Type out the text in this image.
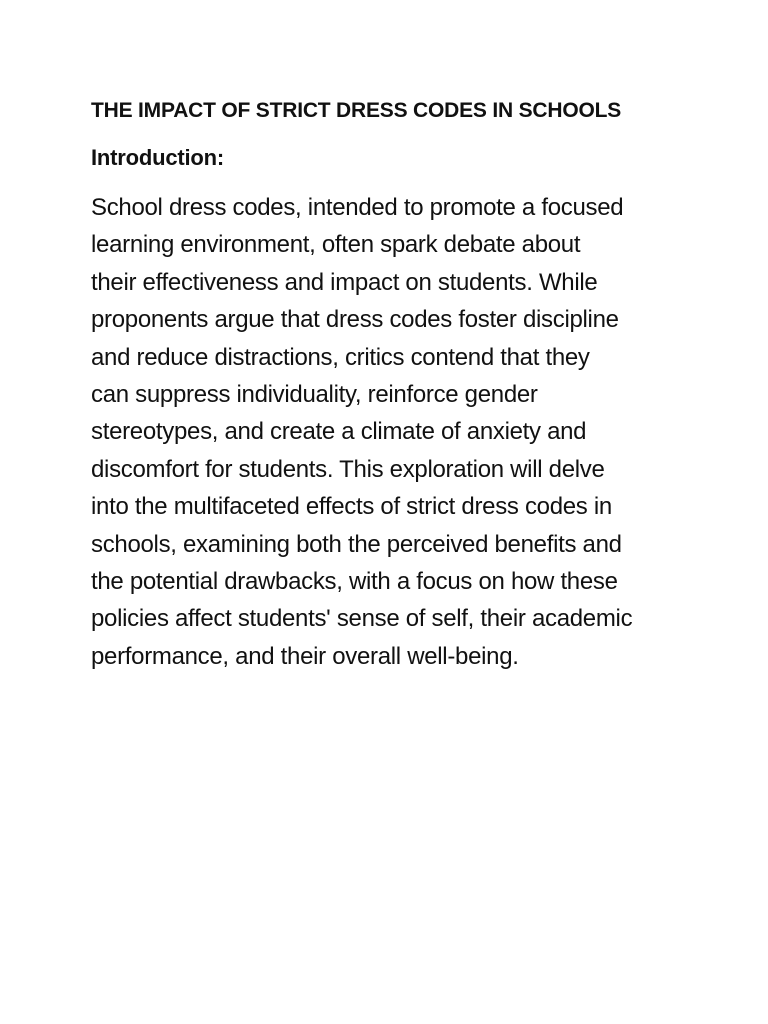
THE IMPACT OF STRICT DRESS CODES IN SCHOOLS
Introduction:

School dress codes, intended to promote a focused
learning environment, often spark debate about
their effectiveness and impact on students. While
proponents argue that dress codes foster discipline
and reduce distractions, critics contend that they
can suppress individuality, reinforce gender
stereotypes, and create a climate of anxiety and
discomfort for students. This exploration will delve
into the multifaceted effects of strict dress codes in
schools, examining both the perceived benefits and
the potential drawbacks, with a focus on how these
policies affect students' sense of self, their academic
performance, and their overall well-being.
